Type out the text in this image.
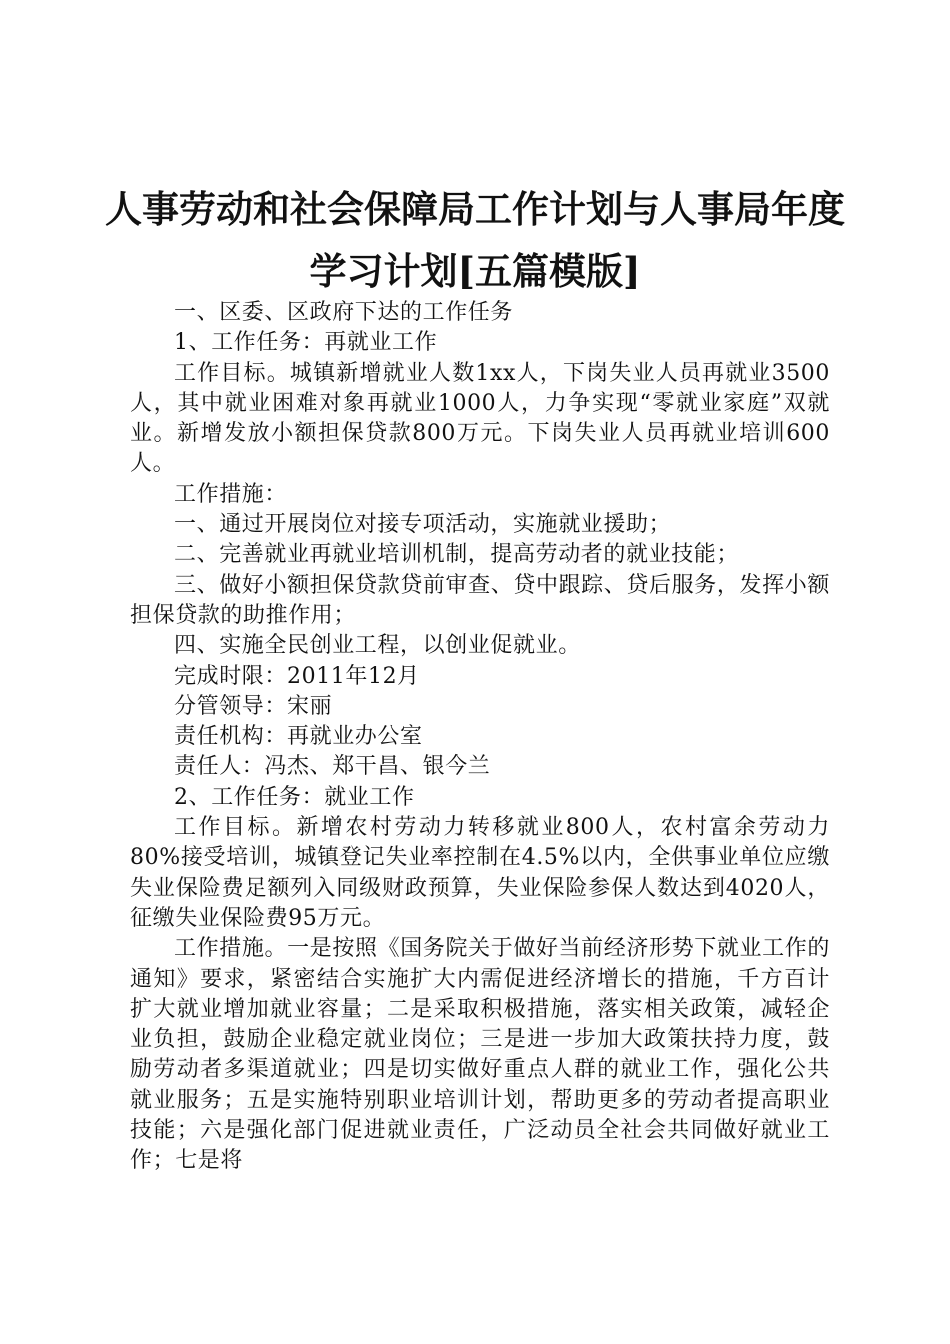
人事劳动和社会保障局工作计划与人事局年度
学习计划[五篇模版]

一、区委、区政府下达的工作任务

1、工作任务：再就业工作

工作目标。城镇新增就业人数1xx人，下岗失业人员再就业3500人，其中就业困难对象再就业1000人，力争实现“零就业家庭”双就业。新增发放小额担保贷款800万元。下岗失业人员再就业培训600人。

工作措施：

一、通过开展岗位对接专项活动，实施就业援助；

二、完善就业再就业培训机制，提高劳动者的就业技能；

三、做好小额担保贷款贷前审查、贷中跟踪、贷后服务，发挥小额担保贷款的助推作用；

四、实施全民创业工程，以创业促就业。

完成时限：2011年12月

分管领导：宋丽

责任机构：再就业办公室

责任人：冯杰、郑干昌、银今兰

2、工作任务：就业工作

工作目标。新增农村劳动力转移就业800人，农村富余劳动力80%接受培训，城镇登记失业率控制在4.5%以内，全供事业单位应缴失业保险费足额列入同级财政预算，失业保险参保人数达到4020人，征缴失业保险费95万元。

工作措施。一是按照《国务院关于做好当前经济形势下就业工作的通知》要求，紧密结合实施扩大内需促进经济增长的措施，千方百计扩大就业增加就业容量；二是采取积极措施，落实相关政策，减轻企业负担，鼓励企业稳定就业岗位；三是进一步加大政策扶持力度，鼓励劳动者多渠道就业；四是切实做好重点人群的就业工作，强化公共就业服务；五是实施特别职业培训计划，帮助更多的劳动者提高职业技能；六是强化部门促进就业责任，广泛动员全社会共同做好就业工作；七是将
